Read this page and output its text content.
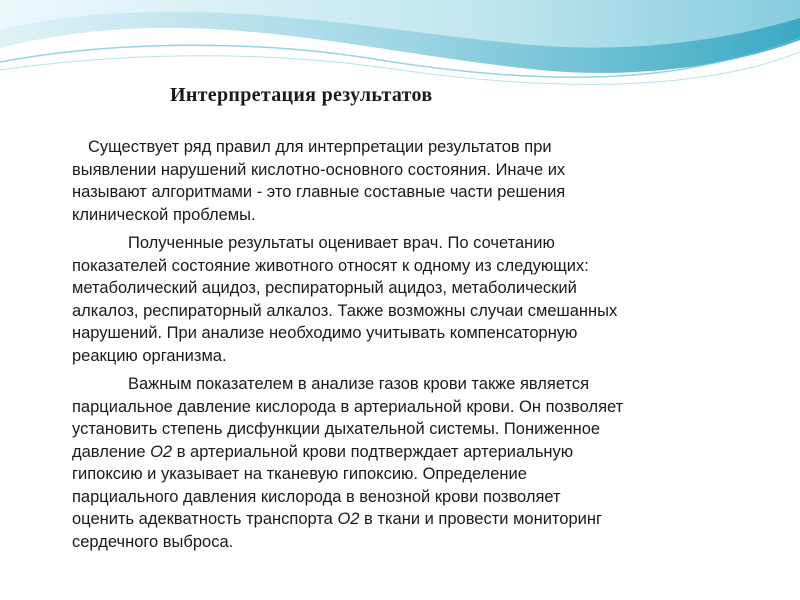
Интерпретация результатов
Существует ряд правил для интерпретации результатов при
выявлении нарушений кислотно-основного состояния. Иначе их
называют алгоритмами - это главные составные части решения
клинической проблемы.
Полученные результаты оценивает врач. По сочетанию
показателей состояние животного относят к одному из следующих:
метаболический ацидоз, респираторный ацидоз, метаболический
алкалоз, респираторный алкалоз. Также возможны случаи смешанных
нарушений. При анализе необходимо учитывать компенсаторную
реакцию организма.
Важным показателем в анализе газов крови также является
парциальное давление кислорода в артериальной крови. Он позволяет
установить степень дисфункции дыхательной системы. Пониженное
давление О2 в артериальной крови подтверждает артериальную
гипоксию и указывает на тканевую гипоксию. Определение
парциального давления кислорода в венозной крови позволяет
оценить адекватность транспорта О2 в ткани и провести мониторинг
сердечного выброса.
